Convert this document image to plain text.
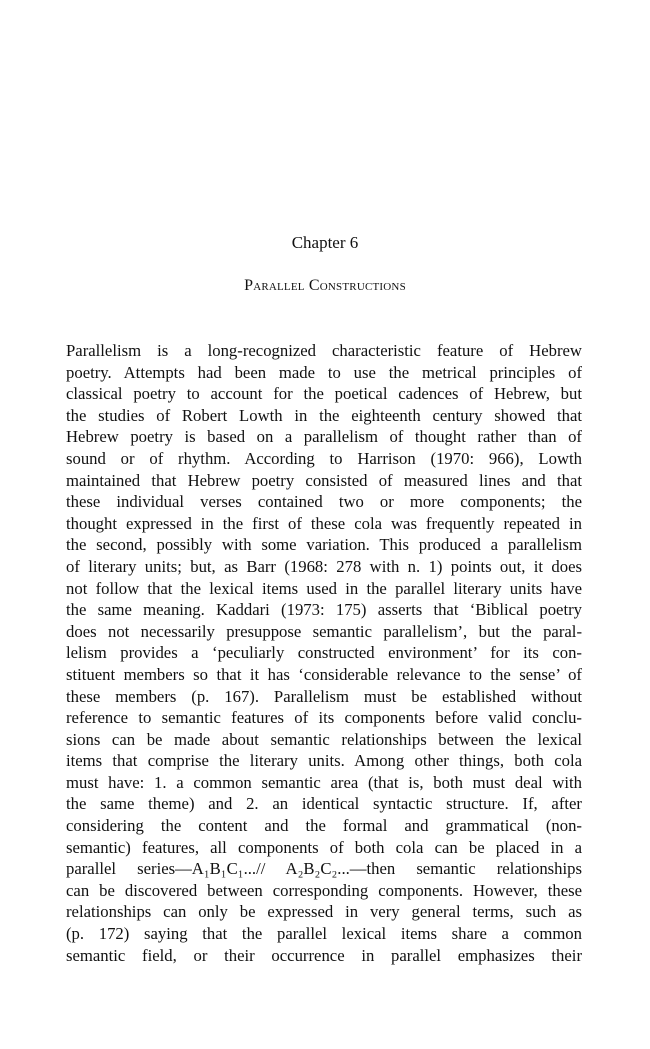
Chapter 6
Parallel Constructions
Parallelism is a long-recognized characteristic feature of Hebrew
poetry. Attempts had been made to use the metrical principles of
classical poetry to account for the poetical cadences of Hebrew, but
the studies of Robert Lowth in the eighteenth century showed that
Hebrew poetry is based on a parallelism of thought rather than of
sound or of rhythm. According to Harrison (1970: 966), Lowth
maintained that Hebrew poetry consisted of measured lines and that
these individual verses contained two or more components; the
thought expressed in the first of these cola was frequently repeated in
the second, possibly with some variation. This produced a parallelism
of literary units; but, as Barr (1968: 278 with n. 1) points out, it does
not follow that the lexical items used in the parallel literary units have
the same meaning. Kaddari (1973: 175) asserts that ‘Biblical poetry
does not necessarily presuppose semantic parallelism’, but the paral-
lelism provides a ‘peculiarly constructed environment’ for its con-
stituent members so that it has ‘considerable relevance to the sense’ of
these members (p. 167). Parallelism must be established without
reference to semantic features of its components before valid conclu-
sions can be made about semantic relationships between the lexical
items that comprise the literary units. Among other things, both cola
must have: 1. a common semantic area (that is, both must deal with
the same theme) and 2. an identical syntactic structure. If, after
considering the content and the formal and grammatical (non-
semantic) features, all components of both cola can be placed in a
parallel series—A₁B₁C₁...// A₂B₂C₂...—then semantic relationships
can be discovered between corresponding components. However, these
relationships can only be expressed in very general terms, such as
(p. 172) saying that the parallel lexical items share a common
semantic field, or their occurrence in parallel emphasizes their
